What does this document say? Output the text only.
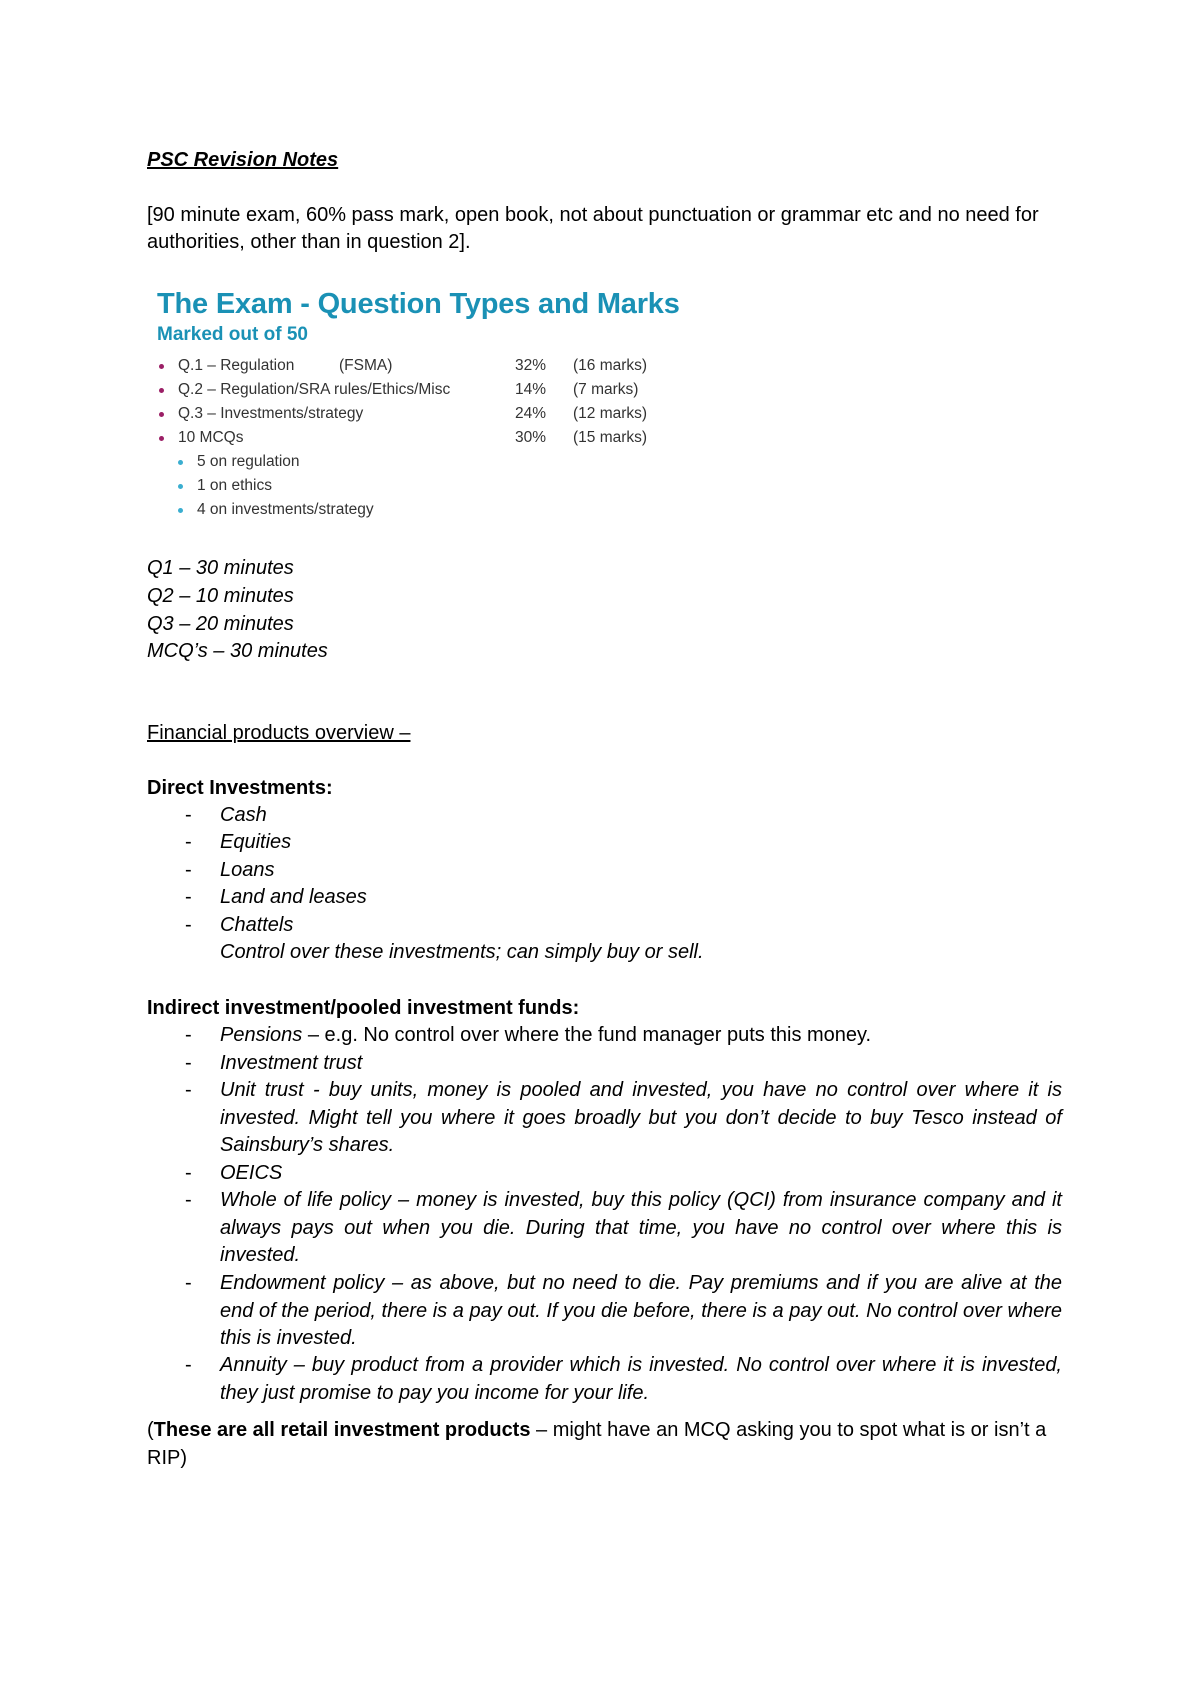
PSC Revision Notes
[90 minute exam, 60% pass mark, open book, not about punctuation or grammar etc and no need for authorities, other than in question 2].
The Exam - Question Types and Marks
Marked out of 50
Q.1 – Regulation	(FSMA)	32% (16 marks)
Q.2 – Regulation/SRA rules/Ethics/Misc	14% (7 marks)
Q.3 – Investments/strategy	24% (12 marks)
10 MCQs	30% (15 marks)
5 on regulation
1 on ethics
4 on investments/strategy
Q1 – 30 minutes
Q2 – 10 minutes
Q3 – 20 minutes
MCQ’s – 30 minutes
Financial products overview –
Direct Investments:
- Cash
- Equities
- Loans
- Land and leases
- Chattels
Control over these investments; can simply buy or sell.
Indirect investment/pooled investment funds:
- Pensions – e.g. No control over where the fund manager puts this money.
- Investment trust
- Unit trust - buy units, money is pooled and invested, you have no control over where it is invested. Might tell you where it goes broadly but you don’t decide to buy Tesco instead of Sainsbury’s shares.
- OEICS
- Whole of life policy – money is invested, buy this policy (QCI) from insurance company and it always pays out when you die. During that time, you have no control over where this is invested.
- Endowment policy – as above, but no need to die. Pay premiums and if you are alive at the end of the period, there is a pay out. If you die before, there is a pay out. No control over where this is invested.
- Annuity – buy product from a provider which is invested. No control over where it is invested, they just promise to pay you income for your life.
(These are all retail investment products – might have an MCQ asking you to spot what is or isn’t a RIP)
